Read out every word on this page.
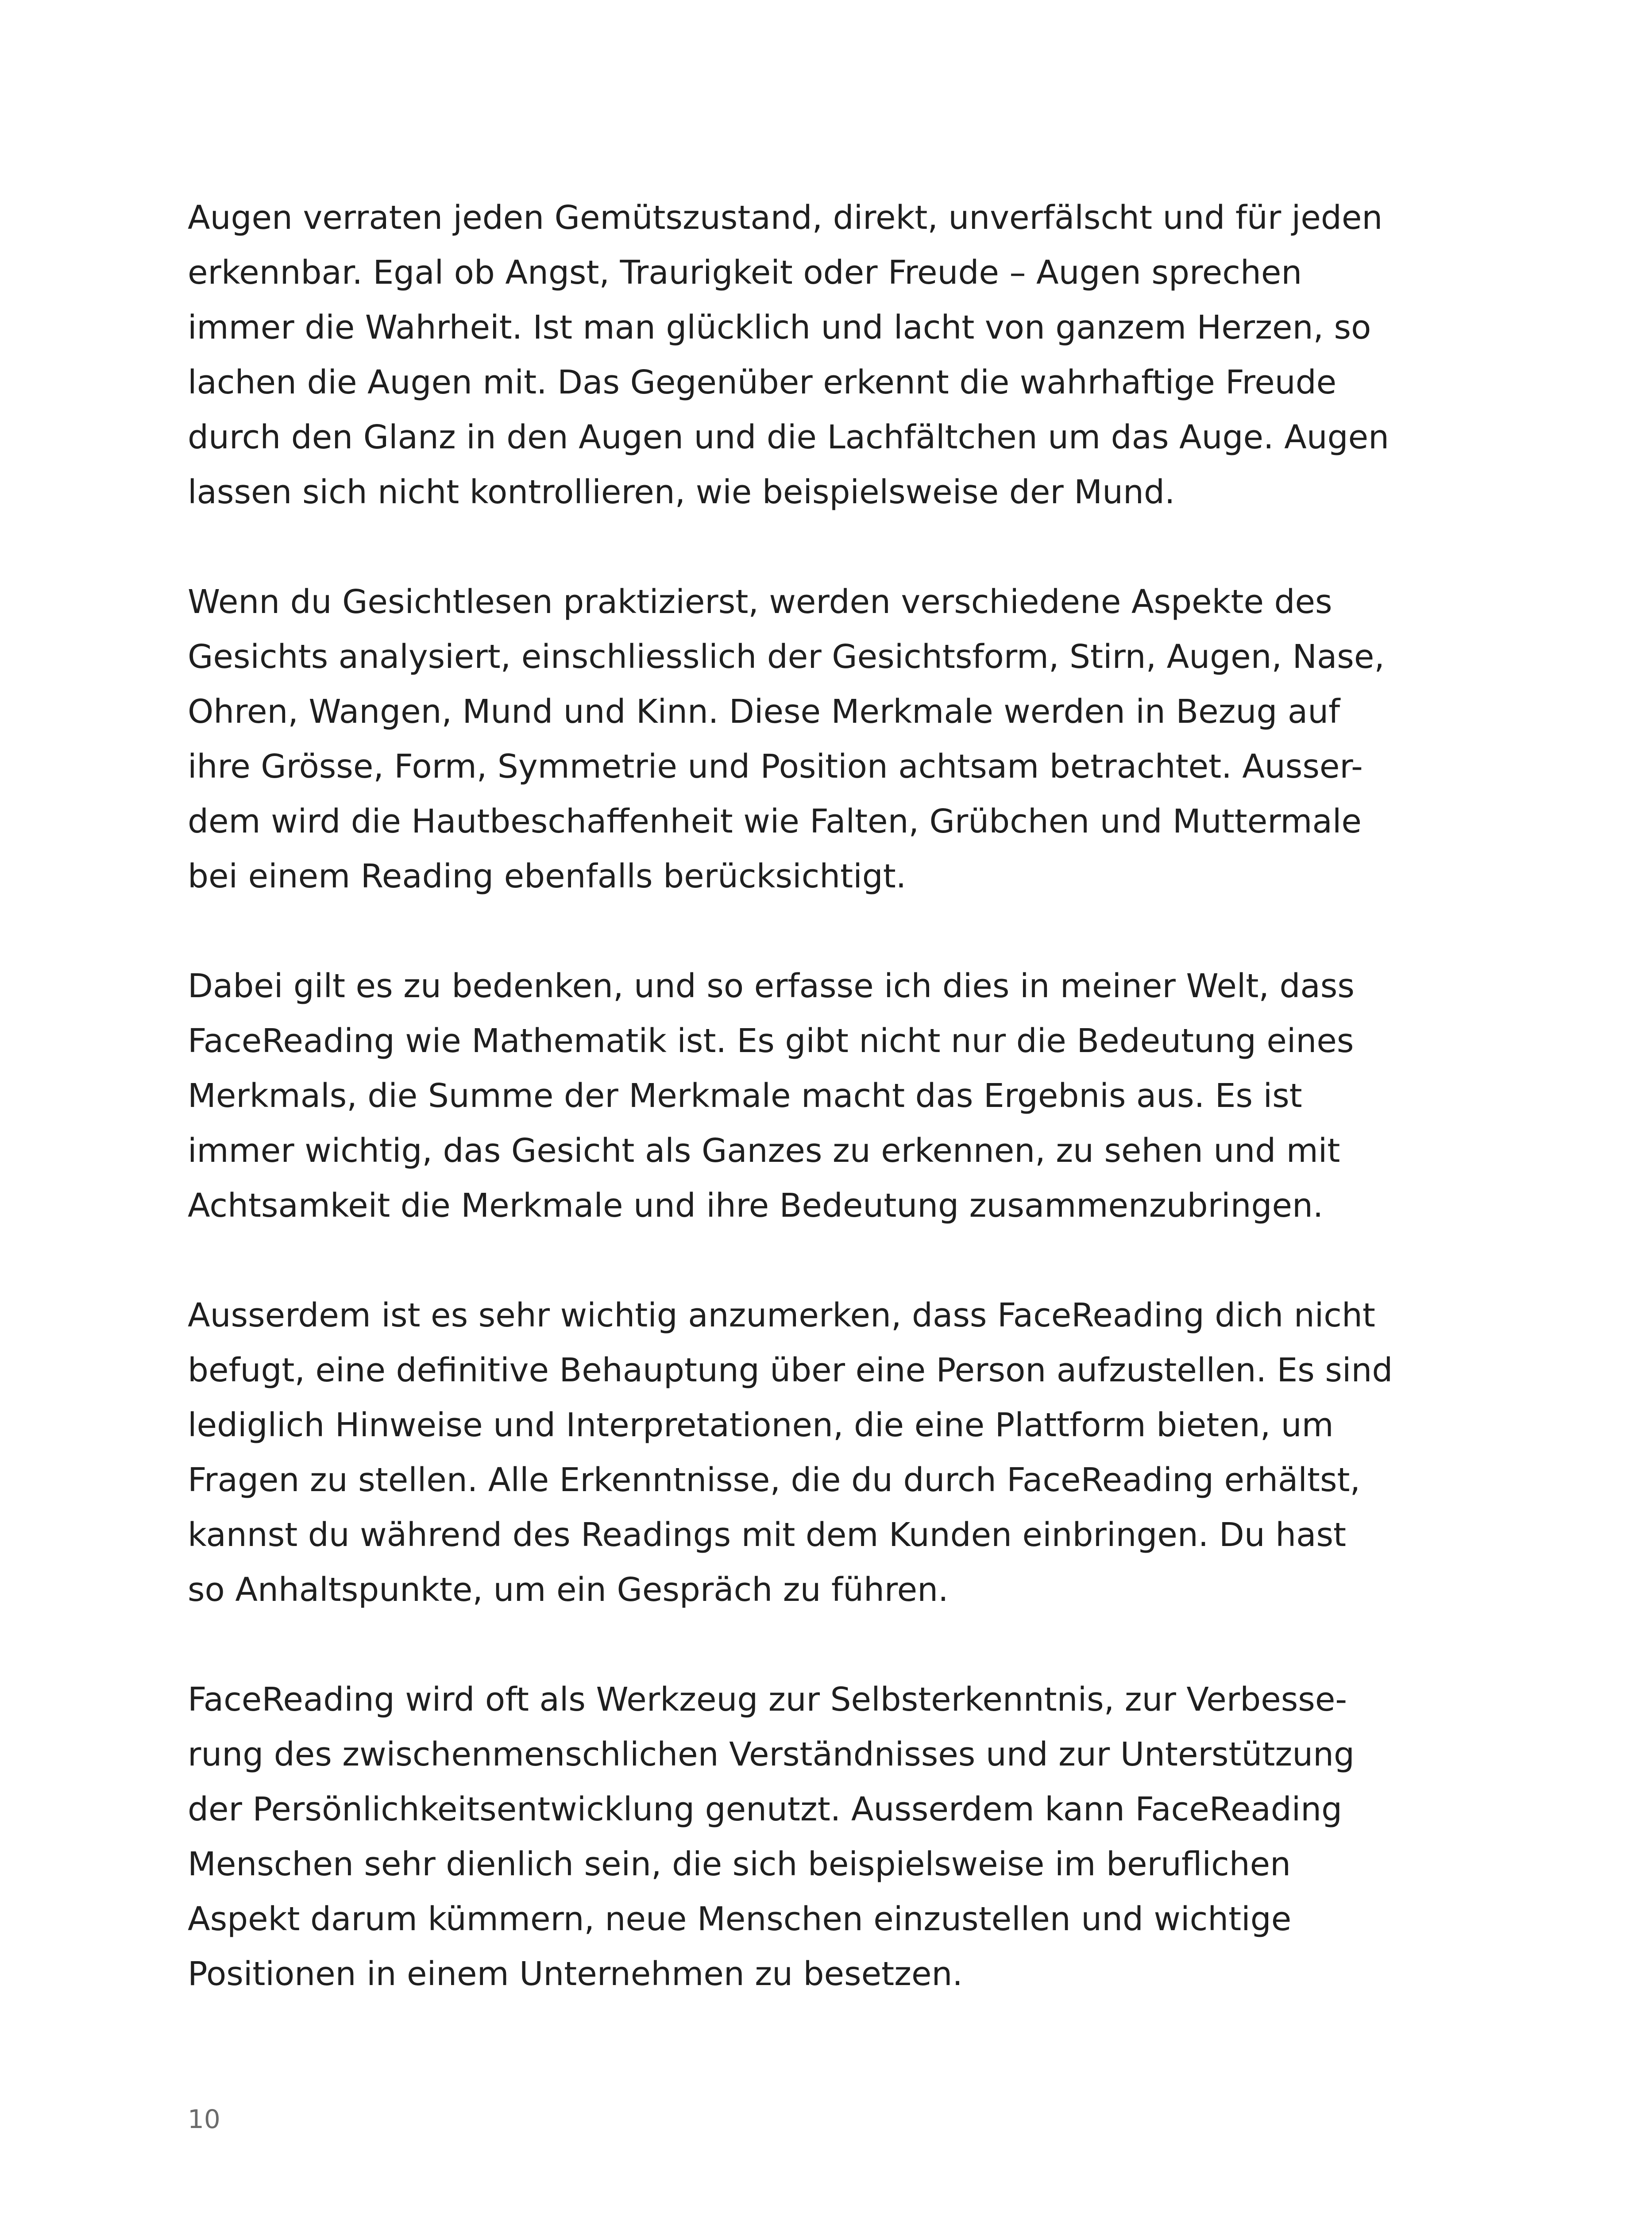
Augen verraten jeden Gemütszustand, direkt, unverfälscht und für jeden
erkennbar. Egal ob Angst, Traurigkeit oder Freude – Augen sprechen
immer die Wahrheit. Ist man glücklich und lacht von ganzem Herzen, so
lachen die Augen mit. Das Gegenüber erkennt die wahrhaftige Freude
durch den Glanz in den Augen und die Lachfältchen um das Auge. Augen
lassen sich nicht kontrollieren, wie beispielsweise der Mund.
Wenn du Gesichtlesen praktizierst, werden verschiedene Aspekte des
Gesichts analysiert, einschliesslich der Gesichtsform, Stirn, Augen, Nase,
Ohren, Wangen, Mund und Kinn. Diese Merkmale werden in Bezug auf
ihre Grösse, Form, Symmetrie und Position achtsam betrachtet. Ausser-
dem wird die Hautbeschaffenheit wie Falten, Grübchen und Muttermale
bei einem Reading ebenfalls berücksichtigt.
Dabei gilt es zu bedenken, und so erfasse ich dies in meiner Welt, dass
FaceReading wie Mathematik ist. Es gibt nicht nur die Bedeutung eines
Merkmals, die Summe der Merkmale macht das Ergebnis aus. Es ist
immer wichtig, das Gesicht als Ganzes zu erkennen, zu sehen und mit
Achtsamkeit die Merkmale und ihre Bedeutung zusammenzubringen.
Ausserdem ist es sehr wichtig anzumerken, dass FaceReading dich nicht
befugt, eine definitive Behauptung über eine Person aufzustellen. Es sind
lediglich Hinweise und Interpretationen, die eine Plattform bieten, um
Fragen zu stellen. Alle Erkenntnisse, die du durch FaceReading erhältst,
kannst du während des Readings mit dem Kunden einbringen. Du hast
so Anhaltspunkte, um ein Gespräch zu führen.
FaceReading wird oft als Werkzeug zur Selbsterkenntnis, zur Verbesse-
rung des zwischenmenschlichen Verständnisses und zur Unterstützung
der Persönlichkeitsentwicklung genutzt. Ausserdem kann FaceReading
Menschen sehr dienlich sein, die sich beispielsweise im beruflichen
Aspekt darum kümmern, neue Menschen einzustellen und wichtige
Positionen in einem Unternehmen zu besetzen.
10
